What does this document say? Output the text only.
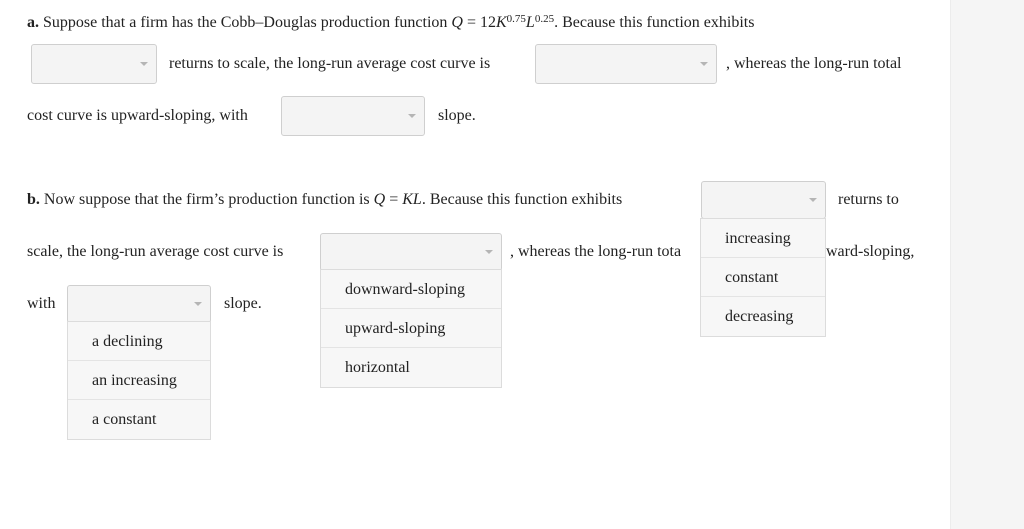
a. Suppose that a firm has the Cobb–Douglas production function $Q = 12K^{0.75}L^{0.25}$. Because this function exhibits
returns to scale, the long-run average cost curve is	, whereas the long-run total
cost curve is upward-sloping, with	slope.
b. Now suppose that the firm’s production function is Q = KL. Because this function exhibits	returns to
scale, the long-run average cost curve is	, whereas the long-run tota	ward-sloping,
with	slope.
increasing
constant
decreasing
downward-sloping
upward-sloping
horizontal
a declining
an increasing
a constant
